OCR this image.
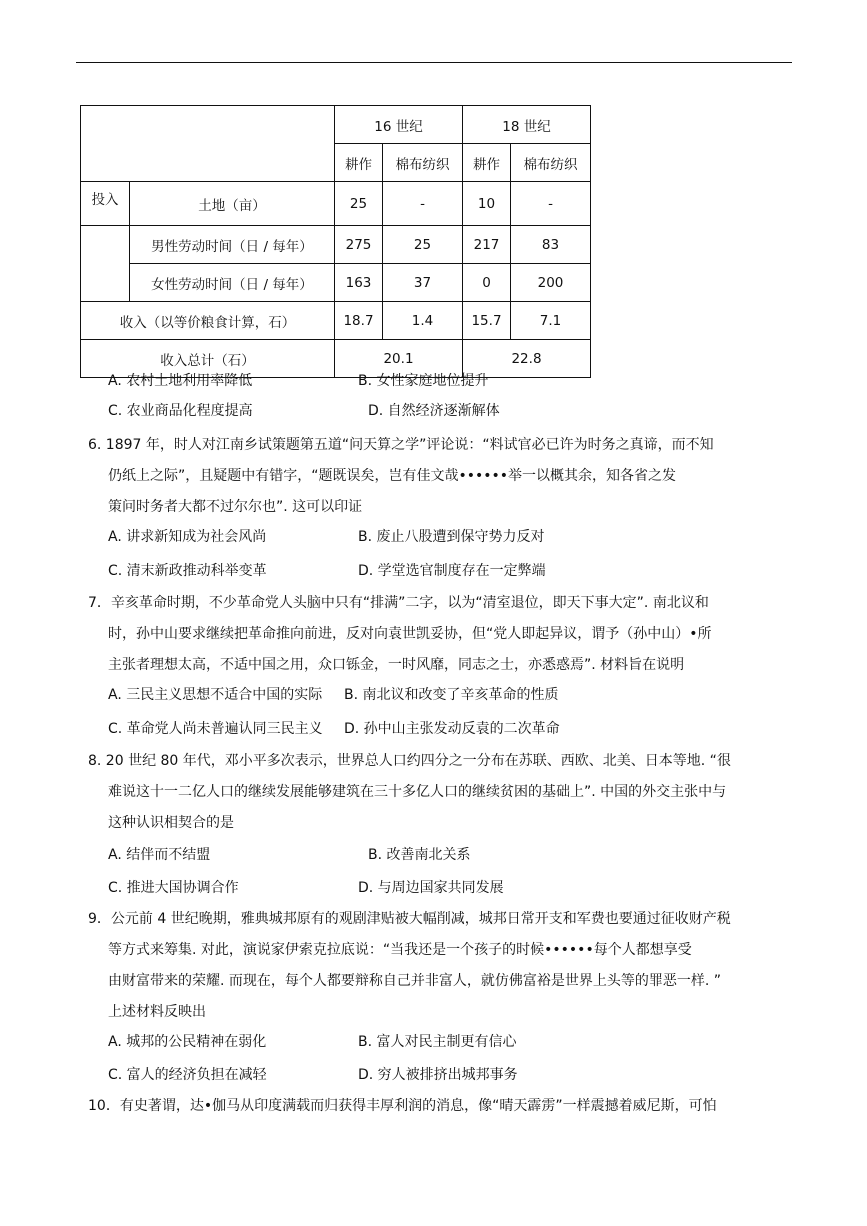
		16 世纪		18 世纪	
		耕作	棉布纺织	耕作	棉布纺织
投入	土地（亩）	25	-	10	-
	男性劳动时间（日 / 每年）	275	25	217	83
	女性劳动时间（日 / 每年）	163	37	0	200
收入（以等价粮食计算，石）		18.7	1.4	15.7	7.1
收入总计（石）		20.1		22.8	
A. 农村土地利用率降低	B. 女性家庭地位提升
C. 农业商品化程度提高	D. 自然经济逐渐解体
6. 1897 年，时人对江南乡试策题第五道“问天算之学”评论说：“料试官必已许为时务之真谛，而不知
仍纸上之际”，且疑题中有错字，“题既误矣，岂有佳文哉••••••举一以概其余，知各省之发
策问时务者大都不过尔尔也”. 这可以印证
A. 讲求新知成为社会风尚	B. 废止八股遭到保守势力反对
C. 清末新政推动科举变革	D. 学堂选官制度存在一定弊端
7．辛亥革命时期，不少革命党人头脑中只有“排满”二字，以为“清室退位，即天下事大定”. 南北议和
时，孙中山要求继续把革命推向前进，反对向袁世凯妥协，但“党人即起异议，谓予（孙中山）•所
主张者理想太高，不适中国之用，众口铄金，一时风靡，同志之士，亦悉惑焉”. 材料旨在说明
A. 三民主义思想不适合中国的实际 B. 南北议和改变了辛亥革命的性质
C. 革命党人尚未普遍认同三民主义 D. 孙中山主张发动反袁的二次革命
8. 20 世纪 80 年代，邓小平多次表示，世界总人口约四分之一分布在苏联、西欧、北美、日本等地. “很
难说这十一二亿人口的继续发展能够建筑在三十多亿人口的继续贫困的基础上”. 中国的外交主张中与
这种认识相契合的是
A. 结伴而不结盟	B. 改善南北关系
C. 推进大国协调合作	D. 与周边国家共同发展
9．公元前 4 世纪晚期，雅典城邦原有的观剧津贴被大幅削减，城邦日常开支和军费也要通过征收财产税
等方式来筹集. 对此，演说家伊索克拉底说：“当我还是一个孩子的时候••••••每个人都想享受
由财富带来的荣耀. 而现在，每个人都要辩称自己并非富人，就仿佛富裕是世界上头等的罪恶一样. ”
上述材料反映出
A. 城邦的公民精神在弱化	B. 富人对民主制更有信心
C. 富人的经济负担在减轻	D. 穷人被排挤出城邦事务
10．有史著谓，达•伽马从印度满载而归获得丰厚利润的消息，像“晴天霹雳”一样震撼着威尼斯，可怕
